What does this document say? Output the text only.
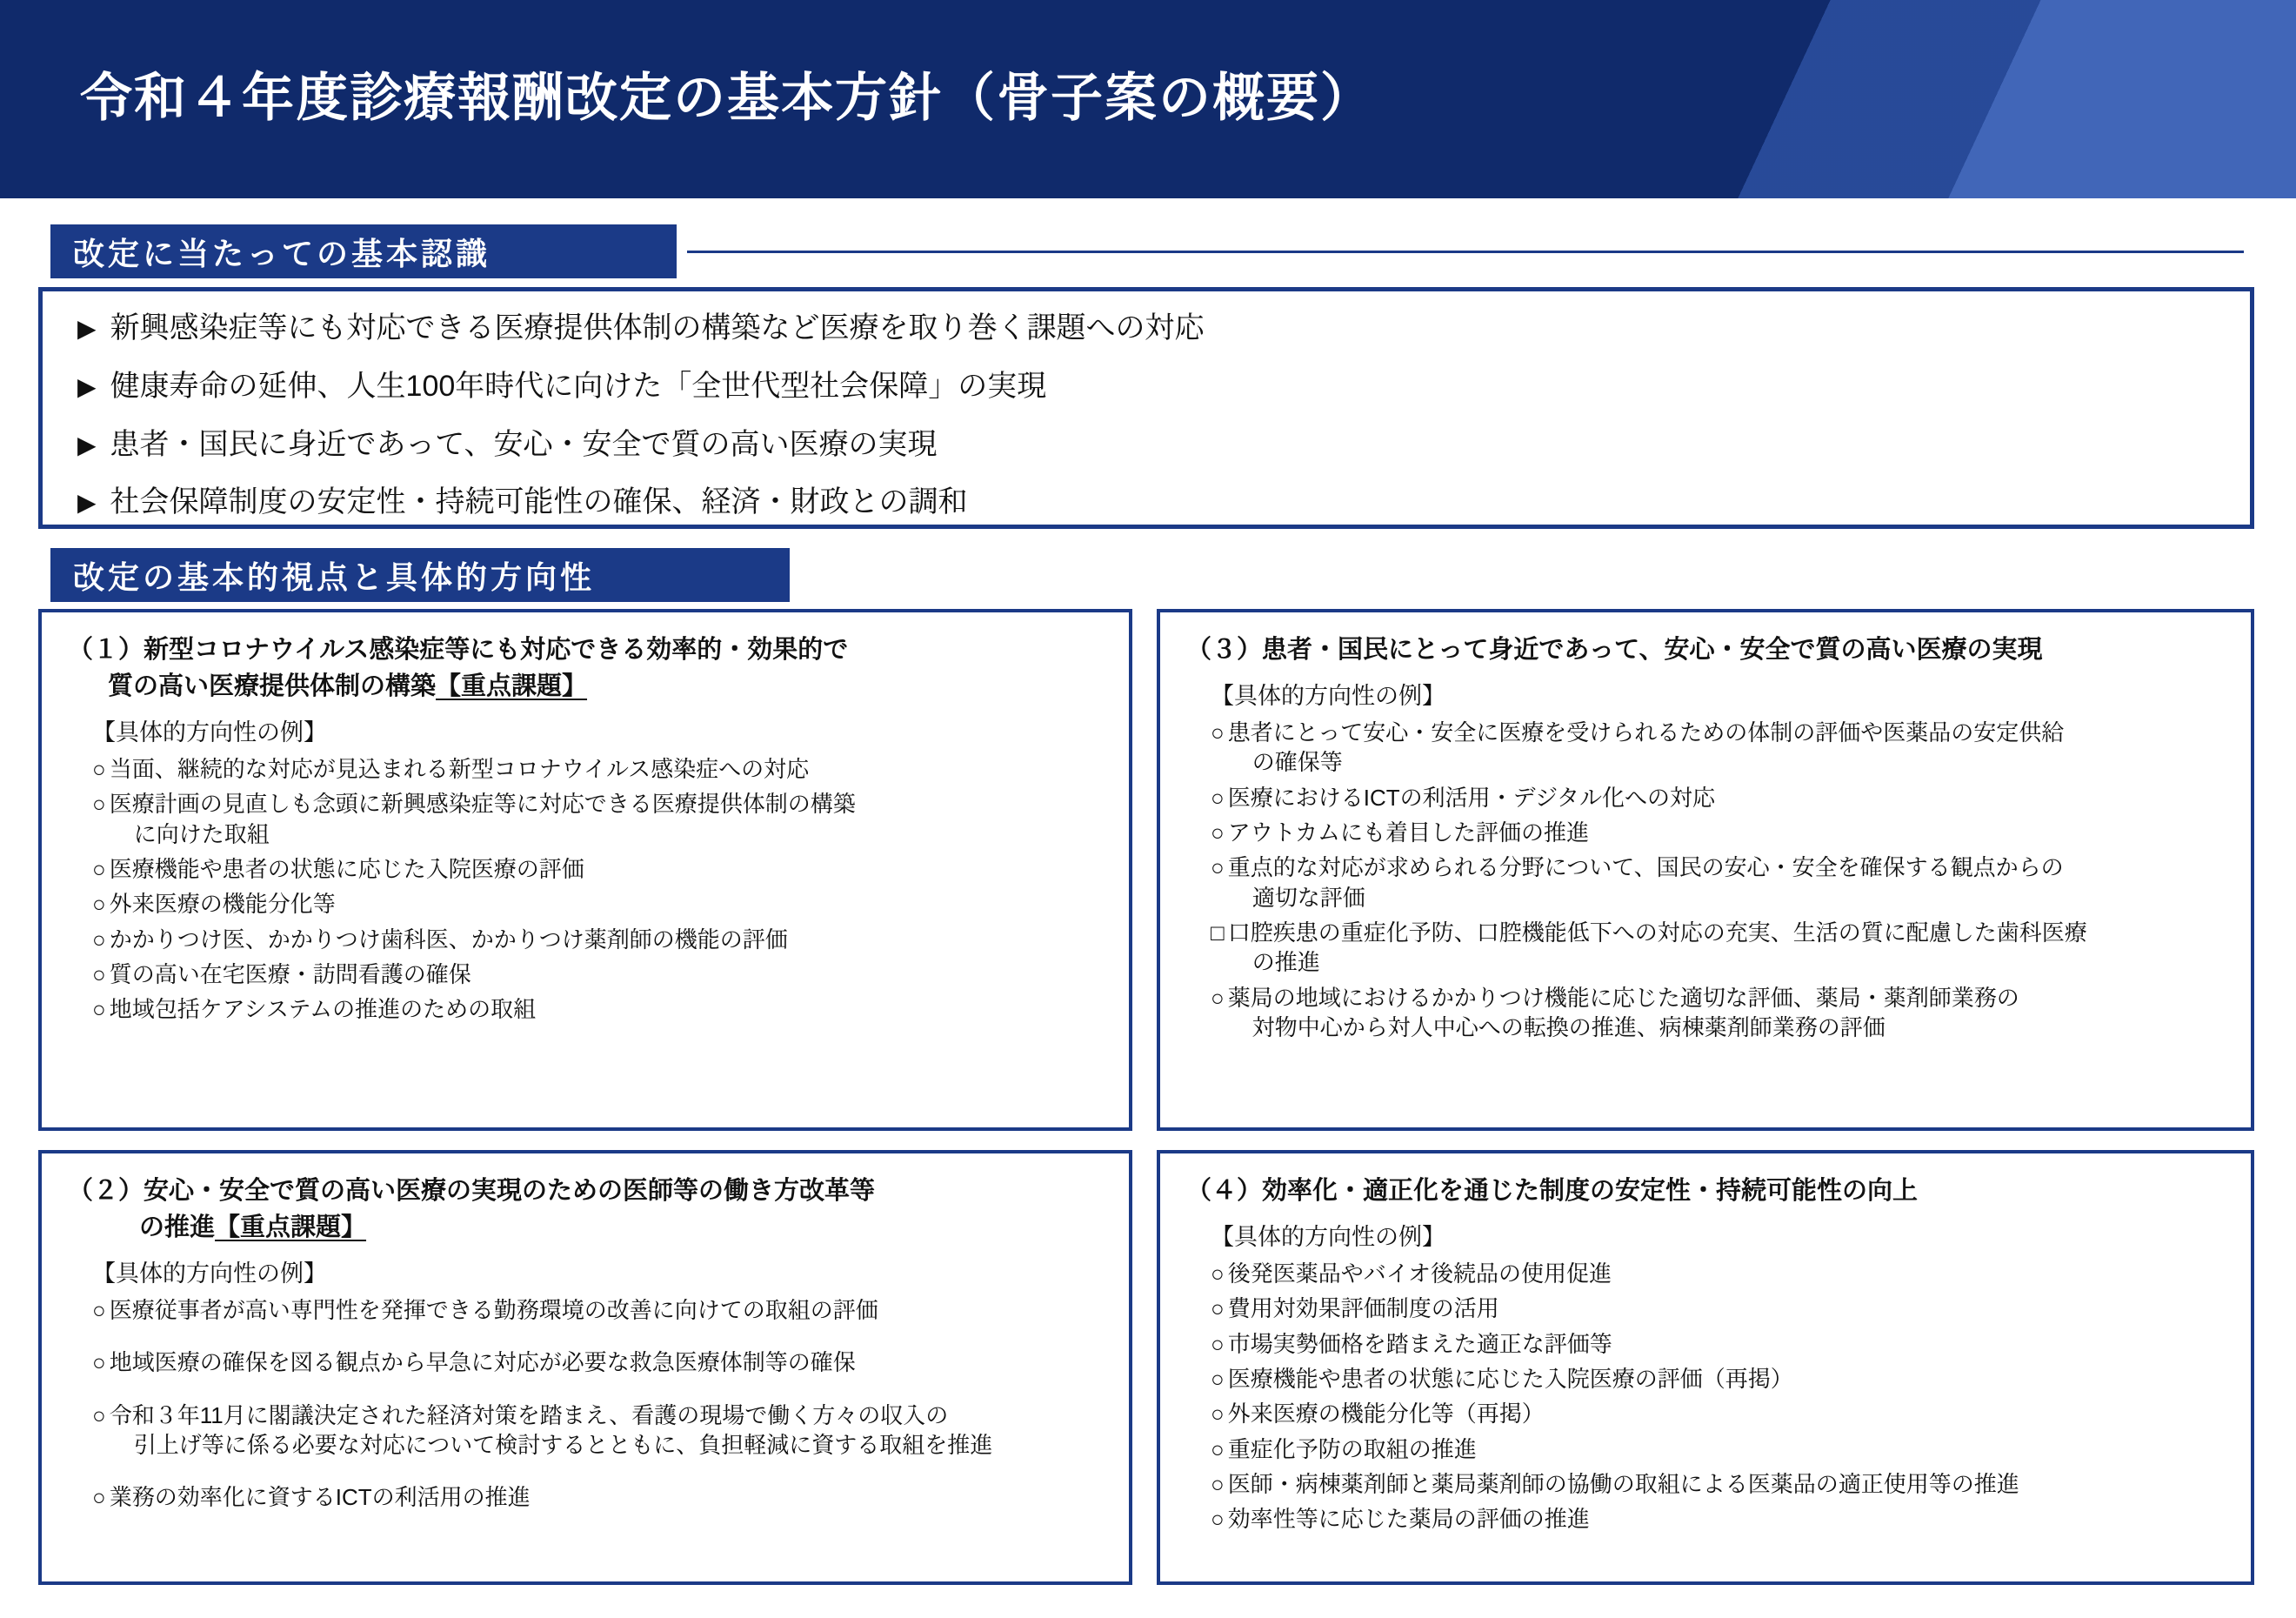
令和４年度診療報酬改定の基本方針（骨子案の概要）
改定に当たっての基本認識
▶ 新興感染症等にも対応できる医療提供体制の構築など医療を取り巻く課題への対応
▶ 健康寿命の延伸、人生100年時代に向けた「全世代型社会保障」の実現
▶ 患者・国民に身近であって、安心・安全で質の高い医療の実現
▶ 社会保障制度の安定性・持続可能性の確保、経済・財政との調和
改定の基本的視点と具体的方向性
（１）新型コロナウイルス感染症等にも対応できる効率的・効果的で
質の高い医療提供体制の構築【重点課題】
【具体的方向性の例】
○ 当面、継続的な対応が見込まれる新型コロナウイルス感染症への対応
○ 医療計画の見直しも念頭に新興感染症等に対応できる医療提供体制の構築
に向けた取組
○ 医療機能や患者の状態に応じた入院医療の評価
○ 外来医療の機能分化等
○ かかりつけ医、かかりつけ歯科医、かかりつけ薬剤師の機能の評価
○ 質の高い在宅医療・訪問看護の確保
○ 地域包括ケアシステムの推進のための取組
（３）患者・国民にとって身近であって、安心・安全で質の高い医療の実現
【具体的方向性の例】
○ 患者にとって安心・安全に医療を受けられるための体制の評価や医薬品の安定供給
の確保等
○ 医療におけるICTの利活用・デジタル化への対応
○ アウトカムにも着目した評価の推進
○ 重点的な対応が求められる分野について、国民の安心・安全を確保する観点からの
適切な評価
□ 口腔疾患の重症化予防、口腔機能低下への対応の充実、生活の質に配慮した歯科医療
の推進
○ 薬局の地域におけるかかりつけ機能に応じた適切な評価、薬局・薬剤師業務の
対物中心から対人中心への転換の推進、病棟薬剤師業務の評価
（２）安心・安全で質の高い医療の実現のための医師等の働き方改革等
の推進【重点課題】
【具体的方向性の例】
○ 医療従事者が高い専門性を発揮できる勤務環境の改善に向けての取組の評価
○ 地域医療の確保を図る観点から早急に対応が必要な救急医療体制等の確保
○ 令和３年11月に閣議決定された経済対策を踏まえ、看護の現場で働く方々の収入の
引上げ等に係る必要な対応について検討するとともに、負担軽減に資する取組を推進
○ 業務の効率化に資するICTの利活用の推進
（４）効率化・適正化を通じた制度の安定性・持続可能性の向上
【具体的方向性の例】
○ 後発医薬品やバイオ後続品の使用促進
○ 費用対効果評価制度の活用
○ 市場実勢価格を踏まえた適正な評価等
○ 医療機能や患者の状態に応じた入院医療の評価（再掲）
○ 外来医療の機能分化等（再掲）
○ 重症化予防の取組の推進
○ 医師・病棟薬剤師と薬局薬剤師の協働の取組による医薬品の適正使用等の推進
○ 効率性等に応じた薬局の評価の推進
